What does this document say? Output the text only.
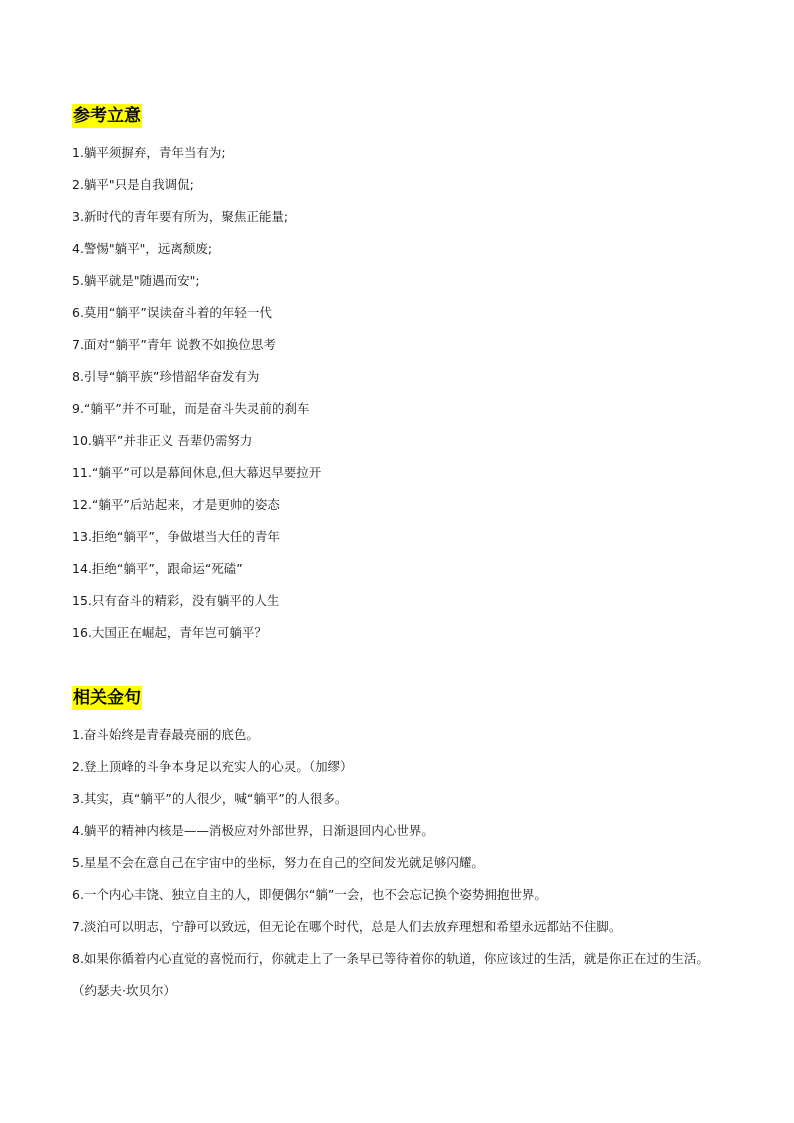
参考立意
1.躺平须摒弃，青年当有为;
2.躺平"只是自我调侃;
3.新时代的青年要有所为，聚焦正能量;
4.警惕"躺平"，远离颓废;
5.躺平就是"随遇而安";
6.莫用“躺平”误读奋斗着的年轻一代
7.面对“躺平”青年 说教不如换位思考
8.引导“躺平族”珍惜韶华奋发有为
9.“躺平”并不可耻，而是奋斗失灵前的刹车
10.躺平”并非正义 吾辈仍需努力
11.“躺平”可以是幕间休息,但大幕迟早要拉开
12.“躺平”后站起来，才是更帅的姿态
13.拒绝“躺平”，争做堪当大任的青年
14.拒绝“躺平”，跟命运“死磕”
15.只有奋斗的精彩，没有躺平的人生
16.大国正在崛起，青年岂可躺平？
相关金句
1.奋斗始终是青春最亮丽的底色。
2.登上顶峰的斗争本身足以充实人的心灵。（加缪）
3.其实，真“躺平”的人很少，喊“躺平”的人很多。
4.躺平的精神内核是——消极应对外部世界，日渐退回内心世界。
5.星星不会在意自己在宇宙中的坐标，努力在自己的空间发光就足够闪耀。
6.一个内心丰饶、独立自主的人，即便偶尔“躺”一会，也不会忘记换个姿势拥抱世界。
7.淡泊可以明志，宁静可以致远，但无论在哪个时代，总是人们去放弃理想和希望永远都站不住脚。
8.如果你循着内心直觉的喜悦而行，你就走上了一条早已等待着你的轨道，你应该过的生活，就是你正在过的生活。（约瑟夫·坎贝尔）
